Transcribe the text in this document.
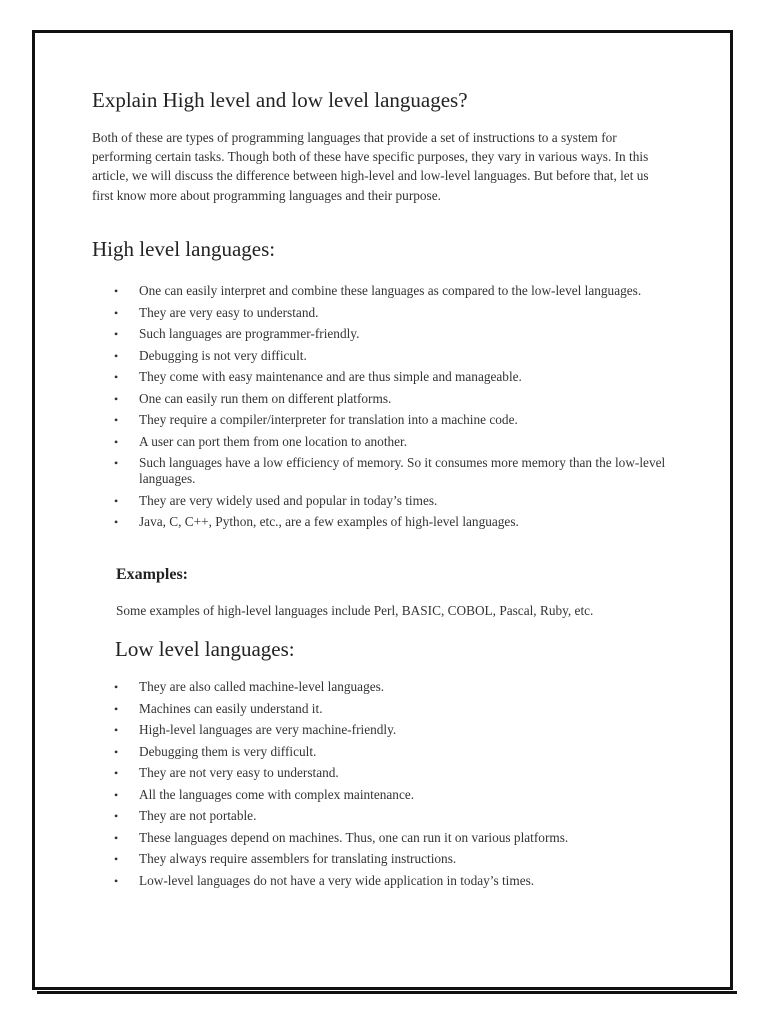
Explain High level and low level languages?

Both of these are types of programming languages that provide a set of instructions to a system for performing certain tasks. Though both of these have specific purposes, they vary in various ways. In this article, we will discuss the difference between high-level and low-level languages. But before that, let us first know more about programming languages and their purpose.

High level languages:
• One can easily interpret and combine these languages as compared to the low-level languages.
• They are very easy to understand.
• Such languages are programmer-friendly.
• Debugging is not very difficult.
• They come with easy maintenance and are thus simple and manageable.
• One can easily run them on different platforms.
• They require a compiler/interpreter for translation into a machine code.
• A user can port them from one location to another.
• Such languages have a low efficiency of memory. So it consumes more memory than the low-level languages.
• They are very widely used and popular in today’s times.
• Java, C, C++, Python, etc., are a few examples of high-level languages.
Examples:

Some examples of high-level languages include Perl, BASIC, COBOL, Pascal, Ruby, etc.

Low level languages:
• They are also called machine-level languages.
• Machines can easily understand it.
• High-level languages are very machine-friendly.
• Debugging them is very difficult.
• They are not very easy to understand.
• All the languages come with complex maintenance.
• They are not portable.
• These languages depend on machines. Thus, one can run it on various platforms.
• They always require assemblers for translating instructions.
• Low-level languages do not have a very wide application in today’s times.
